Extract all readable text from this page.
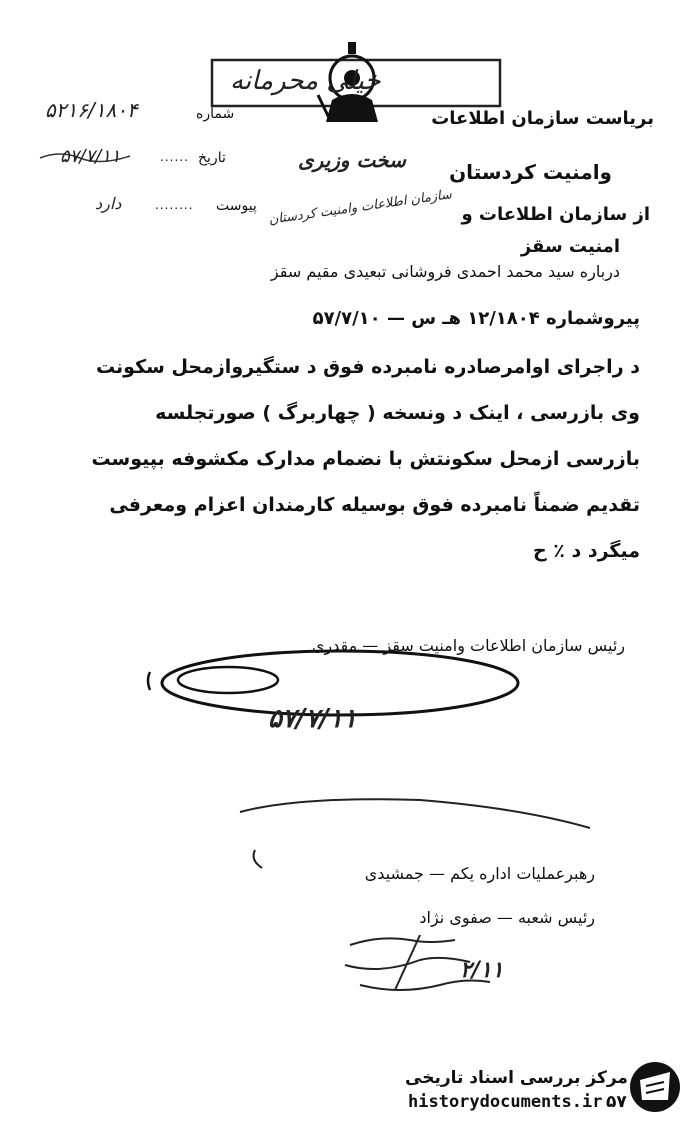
خیلی محرمانه
بریاست سازمان اطلاعات
وامنیت کردستان
از سازمان اطلاعات و
امنیت سقز
درباره سید محمد احمدی فروشانی تبعیدی مقیم سقز
سخت وزیری
سازمان اطلاعات وامنیت کردستان
شماره
۵۲۱۶/۱۸۰۴
تاریخ
......
۵۷/۷/۱۱
پیوست
........
دارد
پیروشماره ۱۲/۱۸۰۴ هـ س — ۵۷/۷/۱۰
د راجرای اوامرصادره نامبرده فوق د ستگیروازمحل سکونت
وی بازرسی ، اینک د ونسخه ( چهاربرگ ) صورتجلسه
بازرسی ازمحل سکونتش با نضمام مدارک مکشوفه بپیوست
تقدیم ضمناً نامبرده فوق بوسیله کارمندان اعزام ومعرفی
میگرد د ٪ ح
رئیس سازمان اطلاعات وامنیت سقز — مقدری
۵۷/۷/۱۱
رهبرعملیات اداره یکم — جمشیدی
رئیس شعبه — صفوی نژاد
۲/۱۱
مرکز بررسی اسناد تاریخی
historydocuments.ir ۵۷
